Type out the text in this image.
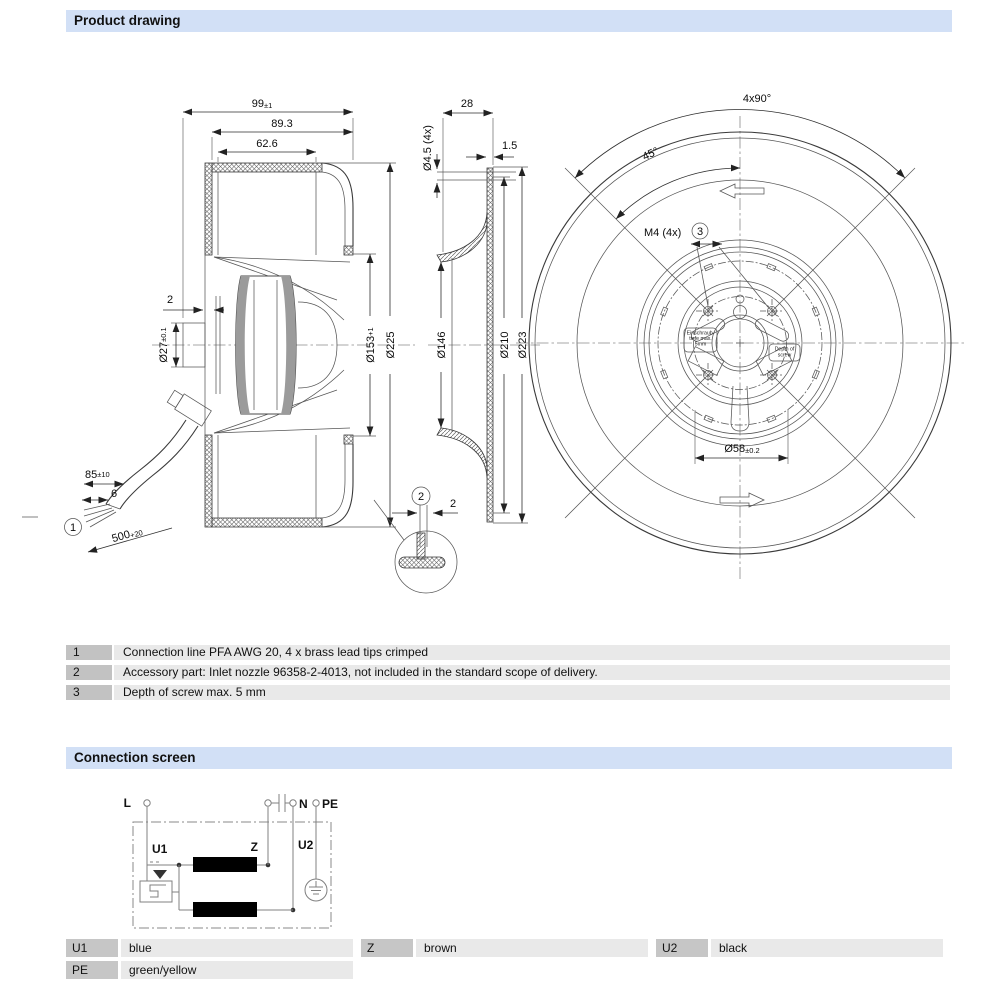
Product drawing
99±1
89.3
62.6
2
Ø27±0.1
Ø153+1 Ø225
85±10
6
500+20
1
28
Ø4.5 (4x)	1.5
Ø146	Ø210 Ø223
2
2
4x90°
45°
M4 (4x) 3
Einschraub-
tiefe max.
5mm
Depth of
screw
Ø58±0.2
L
U1	Z
N
U2
PE
1	Connection line PFA AWG 20, 4 x brass lead tips crimped
2	Accessory part: Inlet nozzle 96358-2-4013, not included in the standard scope of delivery.
3	Depth of screw max. 5 mm
Connection screen
U1	blue	Z	brown	U2	black
PE	green/yellow
